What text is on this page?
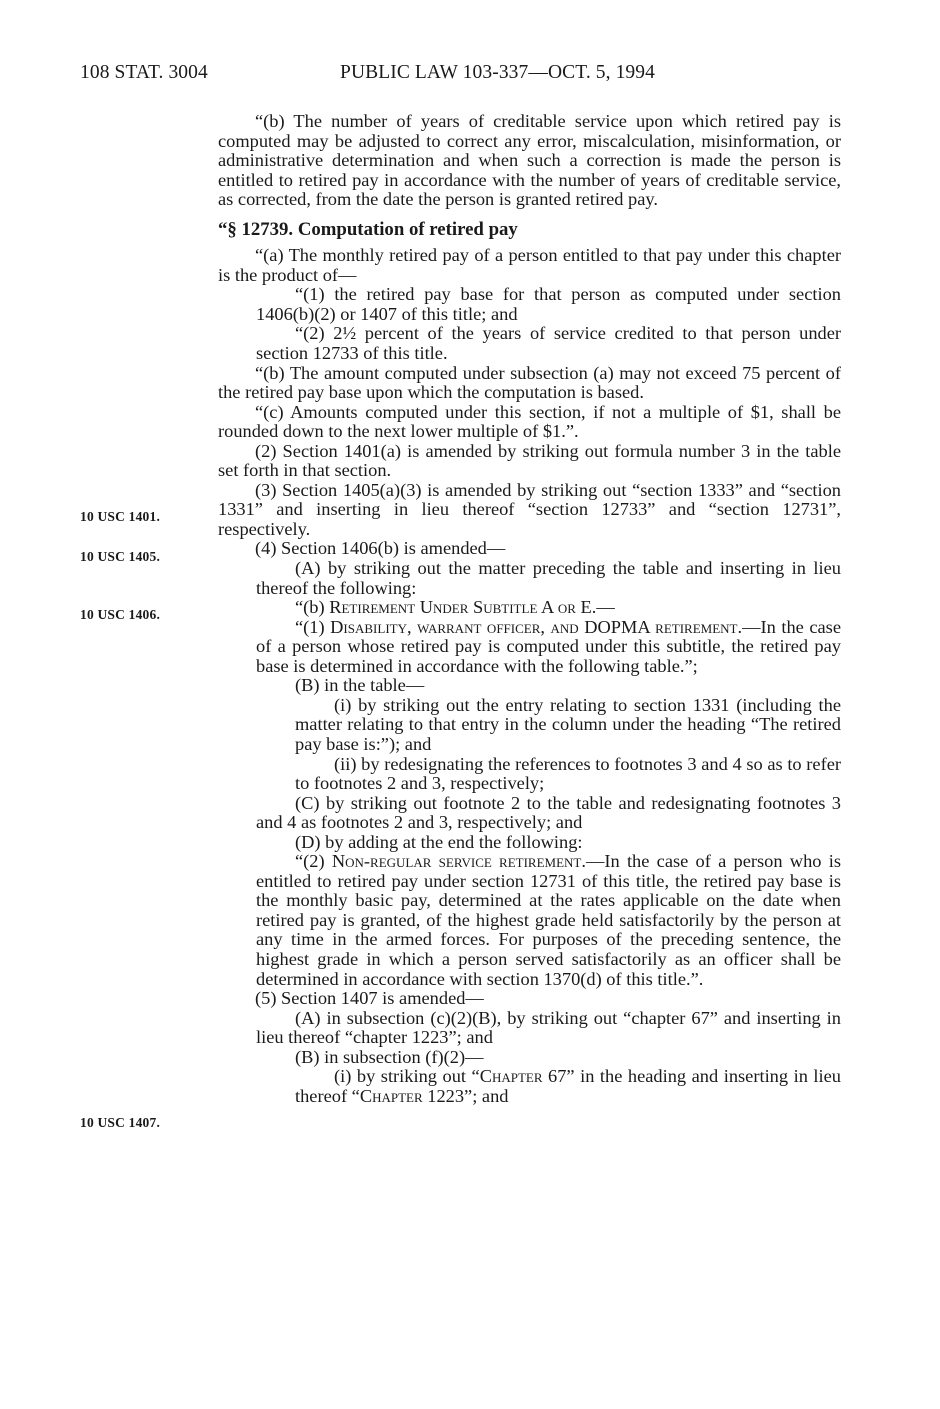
108 STAT. 3004	PUBLIC LAW 103-337—OCT. 5, 1994
10 USC 1401.
10 USC 1405.
10 USC 1406.
10 USC 1407.

“(b) The number of years of creditable service upon which retired pay is computed may be adjusted to correct any error, miscalculation, misinformation, or administrative determination and when such a correction is made the person is entitled to retired pay in accordance with the number of years of creditable service, as corrected, from the date the person is granted retired pay.

“§ 12739. Computation of retired pay

“(a) The monthly retired pay of a person entitled to that pay under this chapter is the product of—

“(1) the retired pay base for that person as computed under section 1406(b)(2) or 1407 of this title; and

“(2) 2½ percent of the years of service credited to that person under section 12733 of this title.

“(b) The amount computed under subsection (a) may not exceed 75 percent of the retired pay base upon which the computation is based.

“(c) Amounts computed under this section, if not a multiple of $1, shall be rounded down to the next lower multiple of $1.”.

(2) Section 1401(a) is amended by striking out formula number 3 in the table set forth in that section.

(3) Section 1405(a)(3) is amended by striking out “section 1333” and “section 1331” and inserting in lieu thereof “section 12733” and “section 12731”, respectively.

(4) Section 1406(b) is amended—

(A) by striking out the matter preceding the table and inserting in lieu thereof the following:

“(b) Retirement Under Subtitle A or E.—

“(1) Disability, warrant officer, and DOPMA retirement.—In the case of a person whose retired pay is computed under this subtitle, the retired pay base is determined in accordance with the following table.”;

(B) in the table—

(i) by striking out the entry relating to section 1331 (including the matter relating to that entry in the column under the heading “The retired pay base is:”); and

(ii) by redesignating the references to footnotes 3 and 4 so as to refer to footnotes 2 and 3, respectively;

(C) by striking out footnote 2 to the table and redesignating footnotes 3 and 4 as footnotes 2 and 3, respectively; and

(D) by adding at the end the following:

“(2) Non-regular service retirement.—In the case of a person who is entitled to retired pay under section 12731 of this title, the retired pay base is the monthly basic pay, determined at the rates applicable on the date when retired pay is granted, of the highest grade held satisfactorily by the person at any time in the armed forces. For purposes of the preceding sentence, the highest grade in which a person served satisfactorily as an officer shall be determined in accordance with section 1370(d) of this title.”.

(5) Section 1407 is amended—

(A) in subsection (c)(2)(B), by striking out “chapter 67” and inserting in lieu thereof “chapter 1223”; and

(B) in subsection (f)(2)—

(i) by striking out “Chapter 67” in the heading and inserting in lieu thereof “Chapter 1223”; and
